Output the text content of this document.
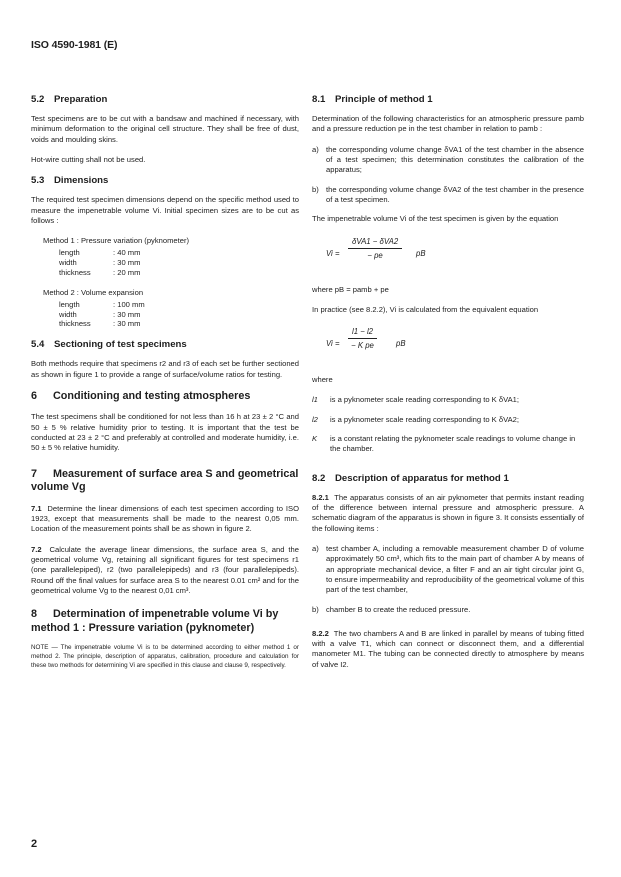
ISO 4590-1981 (E)
5.2 Preparation

Test specimens are to be cut with a bandsaw and machined if necessary, with minimum deformation to the original cell structure. They shall be free of dust, voids and moulding skins.

Hot-wire cutting shall not be used.

5.3 Dimensions

The required test specimen dimensions depend on the specific method used to measure the impenetrable volume Vi. Initial specimen sizes are to be cut as follows :

Method 1 : Pressure variation (pyknometer)
length	: 40 mm
width	: 30 mm
thickness	: 20 mm
Method 2 : Volume expansion
length	: 100 mm
width	: 30 mm
thickness	: 30 mm
5.4 Sectioning of test specimens

Both methods require that specimens r2 and r3 of each set be further sectioned as shown in figure 1 to provide a range of surface/volume ratios for testing.

6 Conditioning and testing atmospheres

The test specimens shall be conditioned for not less than 16 h at 23 ± 2 °C and 50 ± 5 % relative humidity prior to testing. It is important that the test be conducted at 23 ± 2 °C and preferably at controlled and moderate humidity, i.e. 50 ± 5 % relative humidity.

7 Measurement of surface area S and geometrical volume Vg

7.1 Determine the linear dimensions of each test specimen according to ISO 1923, except that measurements shall be made to the nearest 0,05 mm. Location of the measurement points shall be as shown in figure 2.

7.2 Calculate the average linear dimensions, the surface area S, and the geometrical volume Vg, retaining all significant figures for test specimens r1 (one parallelepiped), r2 (two parallelepipeds) and r3 (four parallelepipeds). Round off the final values for surface area S to the nearest 0.01 cm² and for the geometrical volume Vg to the nearest 0,01 cm³.

8 Determination of impenetrable volume Vi by method 1 : Pressure variation (pyknometer)
NOTE — The impenetrable volume Vi is to be determined according to either method 1 or method 2. The principle, description of apparatus, calibration, procedure and calculation for these two methods for determining Vi are specified in this clause and clause 9, respectively.
8.1 Principle of method 1

Determination of the following characteristics for an atmospheric pressure pamb and a pressure reduction pe in the test chamber in relation to pamb :

a) the corresponding volume change δVA1 of the test chamber in the absence of a test specimen; this determination constitutes the calibration of the apparatus;
b) the corresponding volume change δVA2 of the test chamber in the presence of a test specimen.

The impenetrable volume Vi of the test specimen is given by the equation

Vi =
δVA1 − δVA2
− pe	pB

where pB = pamb + pe

In practice (see 8.2.2), Vi is calculated from the equivalent equation

$Vi = \frac{l1 - l2}{\text{− K pe}}$ pB

where

l1 is a pyknometer scale reading corresponding to K δVA1;
l2 is a pyknometer scale reading corresponding to K δVA2;
K is a constant relating the pyknometer scale readings to volume change in the chamber.
8.2 Description of apparatus for method 1

8.2.1 The apparatus consists of an air pyknometer that permits instant reading of the difference between internal pressure and atmospheric pressure. A schematic diagram of the apparatus is shown in figure 3. It consists essentially of the following items :

a) test chamber A, including a removable measurement chamber D of volume approximately 50 cm³, which fits to the main part of chamber A by means of an appropriate mechanical device, a filter F and an air tight circular joint G, to ensure impermeability and reproducibility of the geometrical volume of this part of the test chamber,
b) chamber B to create the reduced pressure.

8.2.2 The two chambers A and B are linked in parallel by means of tubing fitted with a valve T1, which can connect or disconnect them, and a differential manometer M1. The tubing can be connected directly to atmosphere by means of valve I2.

2
